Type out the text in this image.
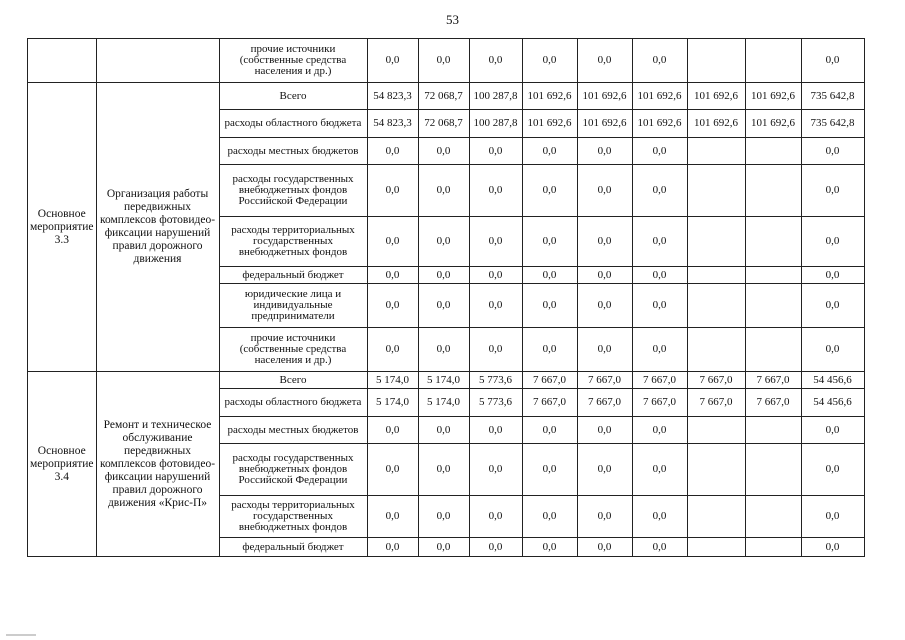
53
		прочие источники (собственные средства населения и др.)	0,0	0,0	0,0	0,0	0,0	0,0			0,0
Основное мероприятие 3.3	Организация работы передвижных комплексов фотовидео- фиксации нарушений правил дорожного движения	Всего	54 823,3	72 068,7	100 287,8	101 692,6	101 692,6	101 692,6	101 692,6	101 692,6	735 642,8
		расходы областного бюджета	54 823,3	72 068,7	100 287,8	101 692,6	101 692,6	101 692,6	101 692,6	101 692,6	735 642,8
		расходы местных бюджетов	0,0	0,0	0,0	0,0	0,0	0,0			0,0
		расходы государственных внебюджетных фондов Российской Федерации	0,0	0,0	0,0	0,0	0,0	0,0			0,0
		расходы территориальных государственных внебюджетных фондов	0,0	0,0	0,0	0,0	0,0	0,0			0,0
		федеральный бюджет	0,0	0,0	0,0	0,0	0,0	0,0			0,0
		юридические лица и индивидуальные предприниматели	0,0	0,0	0,0	0,0	0,0	0,0			0,0
		прочие источники (собственные средства населения и др.)	0,0	0,0	0,0	0,0	0,0	0,0			0,0
Основное мероприятие 3.4	Ремонт и техническое обслуживание передвижных комплексов фотовидео-фиксации нарушений правил дорожного движения «Крис-П»	Всего	5 174,0	5 174,0	5 773,6	7 667,0	7 667,0	7 667,0	7 667,0	7 667,0	54 456,6
		расходы областного бюджета	5 174,0	5 174,0	5 773,6	7 667,0	7 667,0	7 667,0	7 667,0	7 667,0	54 456,6
		расходы местных бюджетов	0,0	0,0	0,0	0,0	0,0	0,0			0,0
		расходы государственных внебюджетных фондов Российской Федерации	0,0	0,0	0,0	0,0	0,0	0,0			0,0
		расходы территориальных государственных внебюджетных фондов	0,0	0,0	0,0	0,0	0,0	0,0			0,0
		федеральный бюджет	0,0	0,0	0,0	0,0	0,0	0,0			0,0
